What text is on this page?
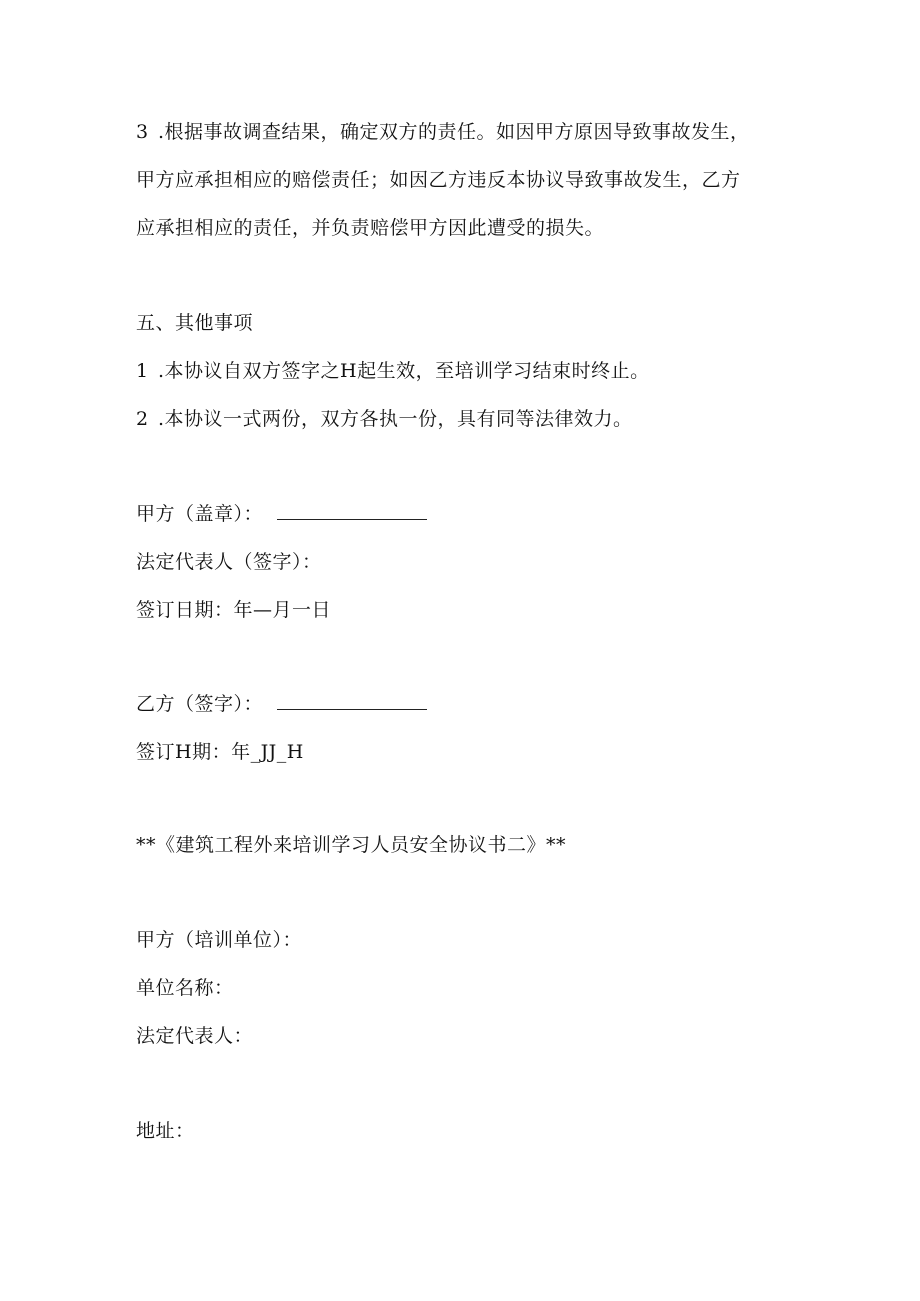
3 .根据事故调查结果，确定双方的责任。如因甲方原因导致事故发生，
甲方应承担相应的赔偿责任；如因乙方违反本协议导致事故发生，乙方
应承担相应的责任，并负责赔偿甲方因此遭受的损失。
五、其他事项
1 .本协议自双方签字之H起生效，至培训学习结束时终止。
2 .本协议一式两份，双方各执一份，具有同等法律效力。
甲方（盖章）：
法定代表人（签字）：
签订日期：年—月一日
乙方（签字）：
签订H期：年_JJ_H
**《建筑工程外来培训学习人员安全协议书二》**
甲方（培训单位）：
单位名称：
法定代表人：
地址：
